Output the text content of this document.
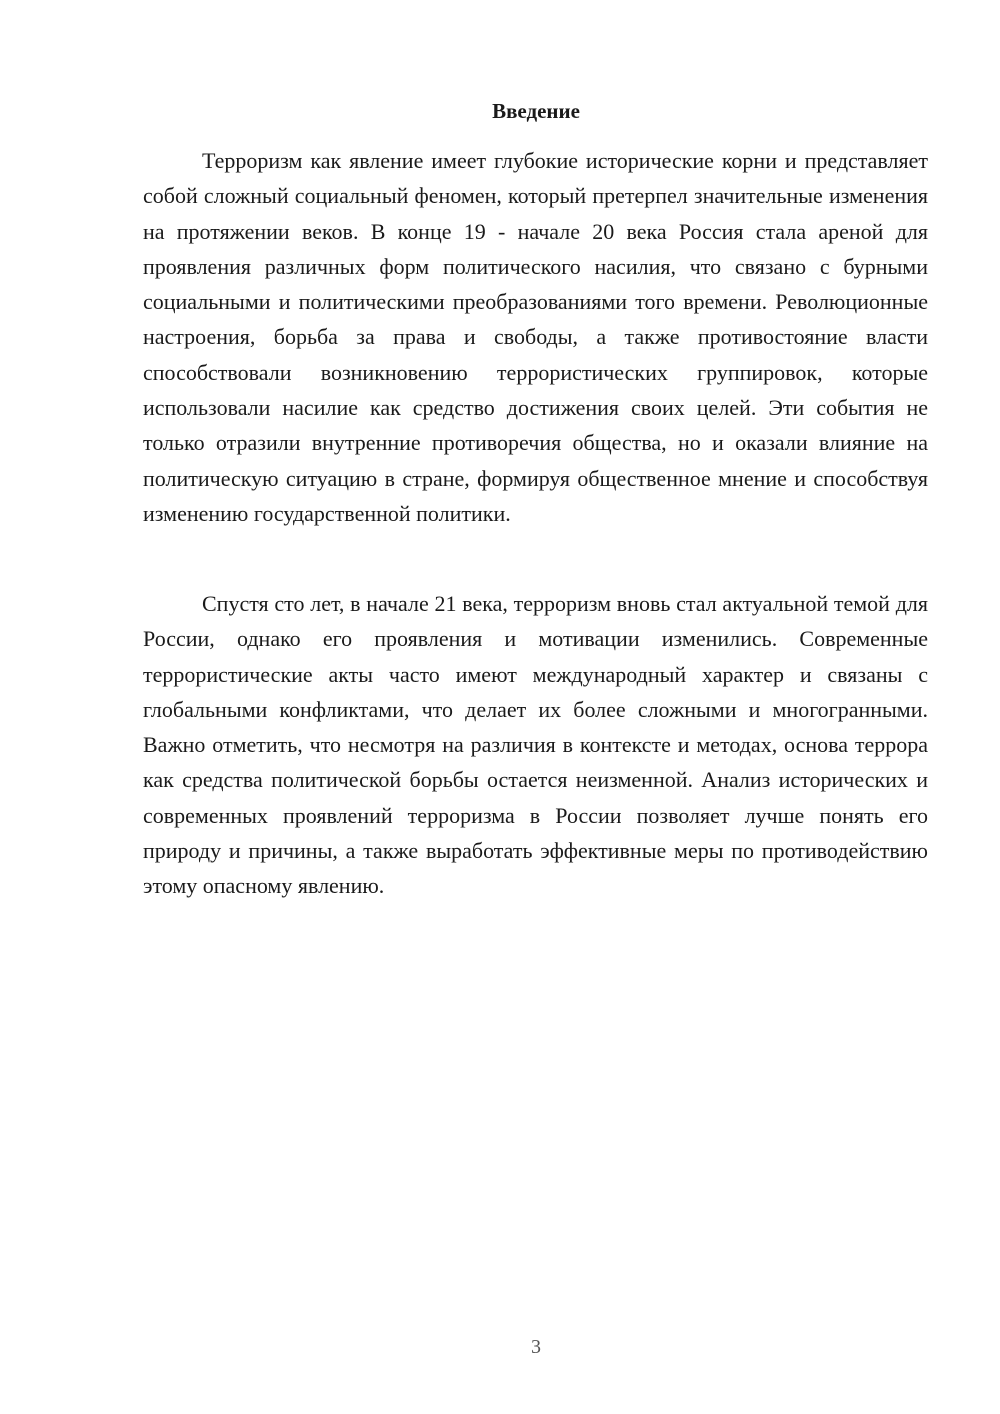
Введение

Терроризм как явление имеет глубокие исторические корни и представляет собой сложный социальный феномен, который претерпел значительные изменения на протяжении веков. В конце 19 - начале 20 века Россия стала ареной для проявления различных форм политического насилия, что связано с бурными социальными и политическими преобразованиями того времени. Революционные настроения, борьба за права и свободы, а также противостояние власти способствовали возникновению террористических группировок, которые использовали насилие как средство достижения своих целей. Эти события не только отразили внутренние противоречия общества, но и оказали влияние на политическую ситуацию в стране, формируя общественное мнение и способствуя изменению государственной политики.

Спустя сто лет, в начале 21 века, терроризм вновь стал актуальной темой для России, однако его проявления и мотивации изменились. Современные террористические акты часто имеют международный характер и связаны с глобальными конфликтами, что делает их более сложными и многогранными. Важно отметить, что несмотря на различия в контексте и методах, основа террора как средства политической борьбы остается неизменной. Анализ исторических и современных проявлений терроризма в России позволяет лучше понять его природу и причины, а также выработать эффективные меры по противодействию этому опасному явлению.

3
